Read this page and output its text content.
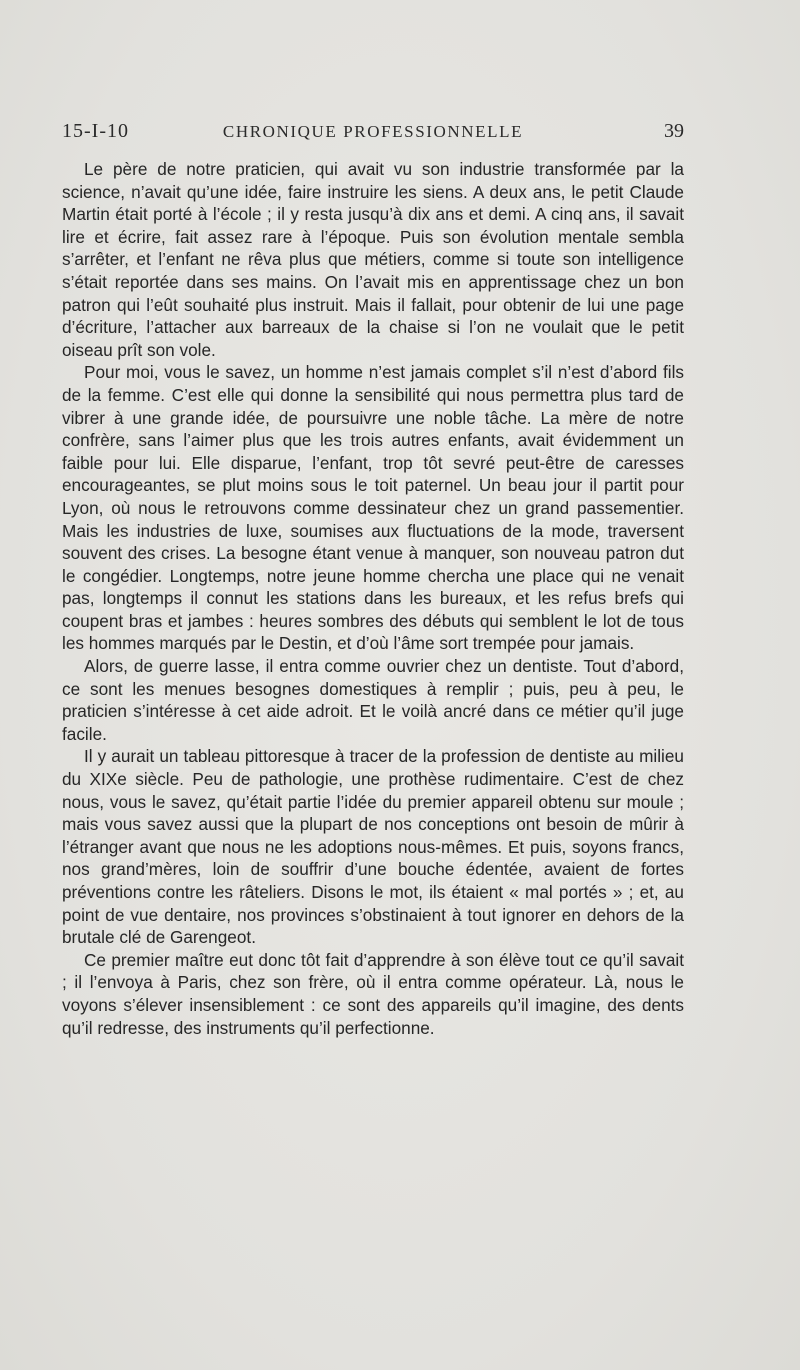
15-I-10	CHRONIQUE PROFESSIONNELLE	39

Le père de notre praticien, qui avait vu son industrie transformée par la science, n’avait qu’une idée, faire instruire les siens. A deux ans, le petit Claude Martin était porté à l’école ; il y resta jusqu’à dix ans et demi. A cinq ans, il savait lire et écrire, fait assez rare à l’époque. Puis son évolution mentale sembla s’arrêter, et l’enfant ne rêva plus que métiers, comme si toute son intelligence s’était reportée dans ses mains. On l’avait mis en apprentissage chez un bon patron qui l’eût souhaité plus instruit. Mais il fallait, pour obtenir de lui une page d’écriture, l’attacher aux barreaux de la chaise si l’on ne voulait que le petit oiseau prît son vole.

Pour moi, vous le savez, un homme n’est jamais complet s’il n’est d’abord fils de la femme. C’est elle qui donne la sensibilité qui nous permettra plus tard de vibrer à une grande idée, de poursuivre une noble tâche. La mère de notre confrère, sans l’aimer plus que les trois autres enfants, avait évidemment un faible pour lui. Elle disparue, l’enfant, trop tôt sevré peut-être de caresses encourageantes, se plut moins sous le toit paternel. Un beau jour il partit pour Lyon, où nous le retrouvons comme dessinateur chez un grand passementier. Mais les industries de luxe, soumises aux fluctuations de la mode, traversent souvent des crises. La besogne étant venue à manquer, son nouveau patron dut le congédier. Longtemps, notre jeune homme chercha une place qui ne venait pas, longtemps il connut les stations dans les bureaux, et les refus brefs qui coupent bras et jambes : heures sombres des débuts qui semblent le lot de tous les hommes marqués par le Destin, et d’où l’âme sort trempée pour jamais.

Alors, de guerre lasse, il entra comme ouvrier chez un dentiste. Tout d’abord, ce sont les menues besognes domestiques à remplir ; puis, peu à peu, le praticien s’intéresse à cet aide adroit. Et le voilà ancré dans ce métier qu’il juge facile.

Il y aurait un tableau pittoresque à tracer de la profession de dentiste au milieu du XIXe siècle. Peu de pathologie, une prothèse rudimentaire. C’est de chez nous, vous le savez, qu’était partie l’idée du premier appareil obtenu sur moule ; mais vous savez aussi que la plupart de nos conceptions ont besoin de mûrir à l’étranger avant que nous ne les adoptions nous-mêmes. Et puis, soyons francs, nos grand’mères, loin de souffrir d’une bouche édentée, avaient de fortes préventions contre les râteliers. Disons le mot, ils étaient « mal portés » ; et, au point de vue dentaire, nos provinces s’obstinaient à tout ignorer en dehors de la brutale clé de Garengeot.

Ce premier maître eut donc tôt fait d’apprendre à son élève tout ce qu’il savait ; il l’envoya à Paris, chez son frère, où il entra comme opérateur. Là, nous le voyons s’élever insensiblement : ce sont des appareils qu’il imagine, des dents qu’il redresse, des instruments qu’il perfectionne.
